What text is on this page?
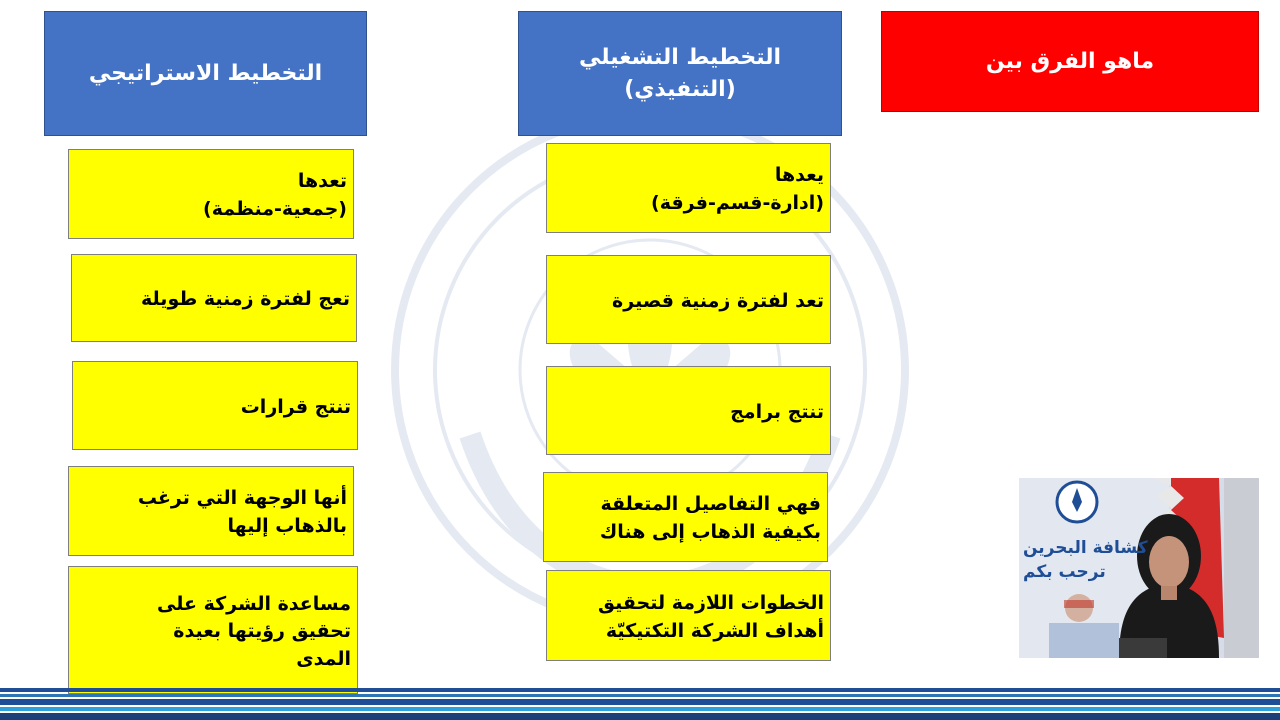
ماهو الفرق بين
التخطيط التشغيلي
(التنفيذي)
التخطيط الاستراتيجي
يعدها
(ادارة-قسم-فرقة)
تعد لفترة زمنية قصيرة
تنتج برامج
فهي التفاصيل المتعلقة
بكيفية الذهاب إلى هناك
الخطوات اللازمة لتحقيق
أهداف الشركة التكتيكيّة
تعدها
(جمعية-منظمة)
تعج لفترة زمنية طويلة
تنتج قرارات
أنها الوجهة التي ترغب
بالذهاب إليها
مساعدة الشركة على
تحقيق رؤيتها بعيدة
المدى
كشافة البحرين
ترحب بكم
